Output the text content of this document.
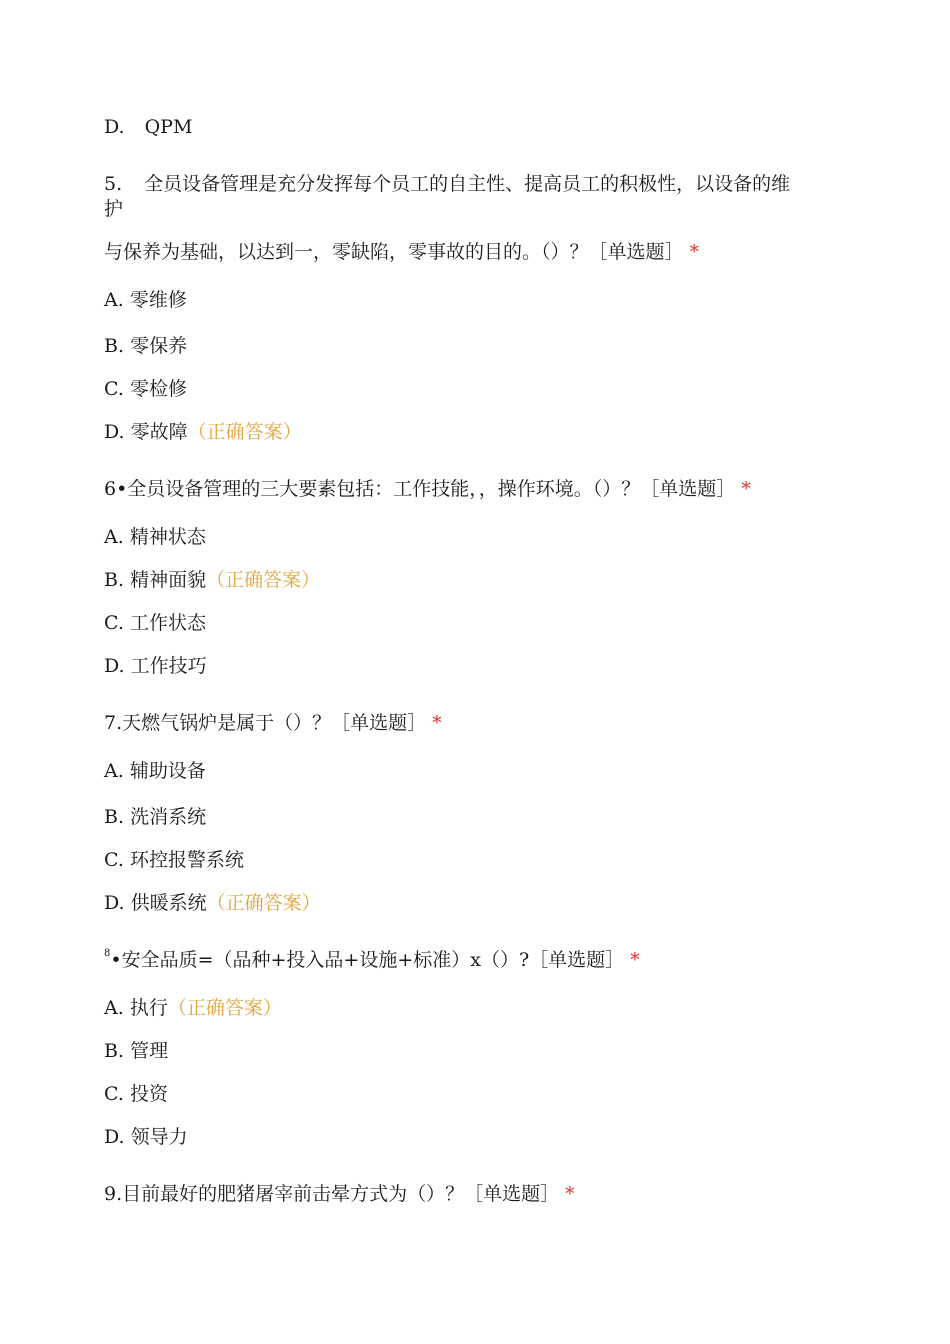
D. QPM
5. 全员设备管理是充分发挥每个员工的自主性、提高员工的积极性，以设备的维
护
与保养为基础，以达到一，零缺陷，零事故的目的。（）？［单选题］ *
A. 零维修
B. 零保养
C. 零检修
D. 零故障（正确答案）
6•全员设备管理的三大要素包括：工作技能，，操作环境。（）？［单选题］ *
A. 精神状态
B. 精神面貌（正确答案）
C. 工作状态
D. 工作技巧
7.天燃气锅炉是属于（）？［单选题］ *
A. 辅助设备
B. 洗消系统
C. 环控报警系统
D. 供暖系统（正确答案）
$^8$•安全品质=（品种+投入品+设施+标准）x（）?［单选题］ *
A. 执行（正确答案）
B. 管理
C. 投资
D. 领导力
9.目前最好的肥猪屠宰前击晕方式为（）？［单选题］ *
